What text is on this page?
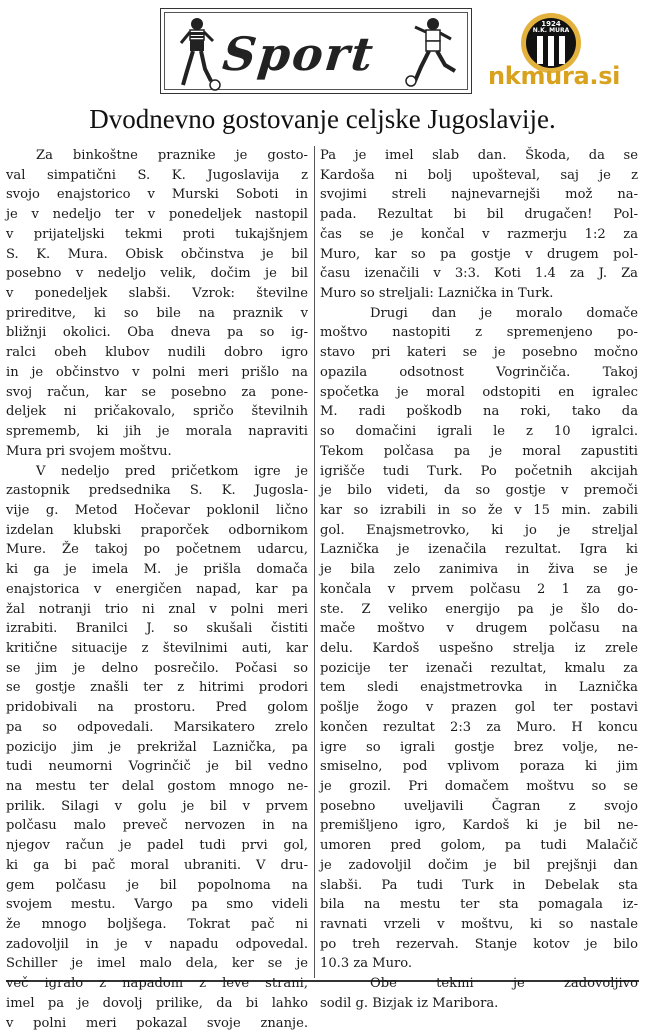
Sport
1924
N.K. MURA
nkmura.si
Dvodnevno gostovanje celjske Jugoslavije.
Za binkoštne praznike je gosto-
val simpatični S. K. Jugoslavija z
svojo enajstorico v Murski Soboti in
je v nedeljo ter v ponedeljek nastopil
v prijateljski tekmi proti tukajšnjem
S. K. Mura. Obisk občinstva je bil
posebno v nedeljo velik, dočim je bil
v ponedeljek slabši. Vzrok: številne
prireditve, ki so bile na praznik v
bližnji okolici. Oba dneva pa so ig-
ralci obeh klubov nudili dobro igro
in je občinstvo v polni meri prišlo na
svoj račun, kar se posebno za pone-
deljek ni pričakovalo, spričo številnih
sprememb, ki jih je morala napraviti
Mura pri svojem moštvu.
V nedeljo pred pričetkom igre je
zastopnik predsednika S. K. Jugosla-
vije g. Metod Hočevar poklonil lično
izdelan klubski praporček odbornikom
Mure. Že takoj po početnem udarcu,
ki ga je imela M. je prišla domača
enajstorica v energičen napad, kar pa
žal notranji trio ni znal v polni meri
izrabiti. Branilci J. so skušali čistiti
kritične situacije z številnimi auti, kar
se jim je delno posrečilo. Počasi so
se gostje znašli ter z hitrimi prodori
pridobivali na prostoru. Pred golom
pa so odpovedali. Marsikatero zrelo
pozicijo jim je prekrižal Laznička, pa
tudi neumorni Vogrinčič je bil vedno
na mestu ter delal gostom mnogo ne-
prilik. Silagi v golu je bil v prvem
polčasu malo preveč nervozen in na
njegov račun je padel tudi prvi gol,
ki ga bi pač moral ubraniti. V dru-
gem polčasu je bil popolnoma na
svojem mestu. Vargo pa smo videli
že mnogo boljšega. Tokrat pač ni
zadovoljil in je v napadu odpovedal.
Schiller je imel malo dela, ker se je
več igralo z napadom z leve strani,
imel pa je dovolj prilike, da bi lahko
v polni meri pokazal svoje znanje.
Pa je imel slab dan. Škoda, da se
Kardoša ni bolj upošteval, saj je z
svojimi streli najnevarnejši mož na-
pada. Rezultat bi bil drugačen! Pol-
čas se je končal v razmerju 1:2 za
Muro, kar so pa gostje v drugem pol-
času izenačili v 3:3. Koti 1.4 za J. Za
Muro so streljali: Laznička in Turk.
Drugi dan je moralo domače
moštvo nastopiti z spremenjeno po-
stavo pri kateri se je posebno močno
opazila odsotnost Vogrinčiča. Takoj
spočetka je moral odstopiti en igralec
M. radi poškodb na roki, tako da
so domačini igrali le z 10 igralci.
Tekom polčasa pa je moral zapustiti
igrišče tudi Turk. Po početnih akcijah
je bilo videti, da so gostje v premoči
kar so izrabili in so že v 15 min. zabili
gol. Enajsmetrovko, ki jo je streljal
Laznička je izenačila rezultat. Igra ki
je bila zelo zanimiva in živa se je
končala v prvem polčasu 2 1 za go-
ste. Z veliko energijo pa je šlo do-
mače moštvo v drugem polčasu na
delu. Kardoš uspešno strelja iz zrele
pozicije ter izenači rezultat, kmalu za
tem sledi enajstmetrovka in Laznička
pošlje žogo v prazen gol ter postavi
končen rezultat 2:3 za Muro. H koncu
igre so igrali gostje brez volje, ne-
smiselno, pod vplivom poraza ki jim
je grozil. Pri domačem moštvu so se
posebno uveljavili Čagran z svojo
premišljeno igro, Kardoš ki je bil ne-
umoren pred golom, pa tudi Malačič
je zadovoljil dočim je bil prejšnji dan
slabši. Pa tudi Turk in Debelak sta
bila na mestu ter sta pomagala iz-
ravnati vrzeli v moštvu, ki so nastale
po treh rezervah. Stanje kotov je bilo
10.3 za Muro.
Obe tekmi je zadovoljivo
sodil g. Bizjak iz Maribora.
